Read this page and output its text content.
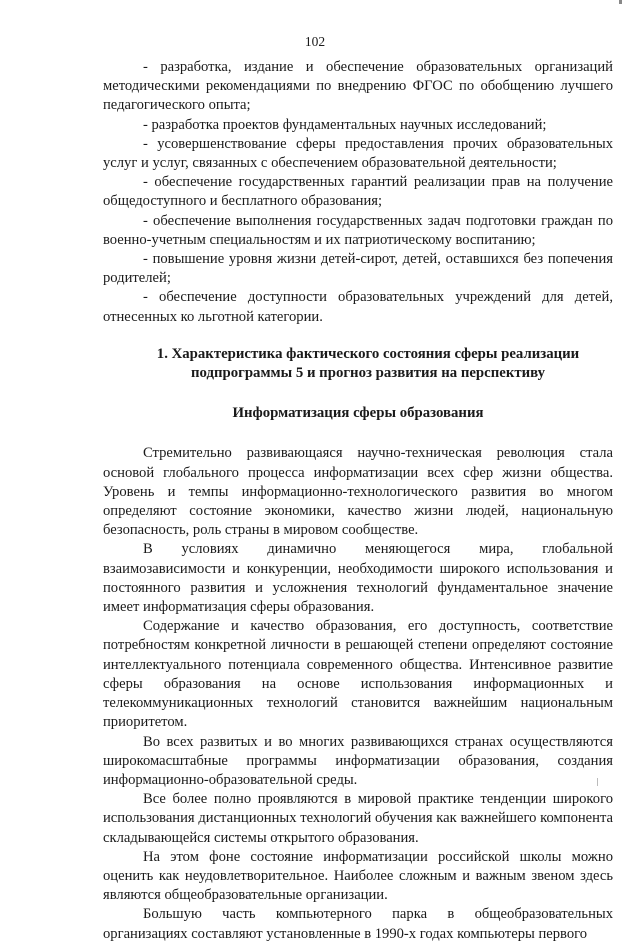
102

- разработка, издание и обеспечение образовательных организаций методическими рекомендациями по внедрению ФГОС по обобщению лучшего педагогического опыта;

- разработка проектов фундаментальных научных исследований;

- усовершенствование сферы предоставления прочих образовательных услуг и услуг, связанных с обеспечением образовательной деятельности;

- обеспечение государственных гарантий реализации прав на получение общедоступного и бесплатного образования;

- обеспечение выполнения государственных задач подготовки граждан по военно-учетным специальностям и их патриотическому воспитанию;

- повышение уровня жизни детей-сирот, детей, оставшихся без попечения родителей;

- обеспечение доступности образовательных учреждений для детей, отнесенных ко льготной категории.

1. Характеристика фактического состояния сферы реализации подпрограммы 5 и прогноз развития на перспективу
Информатизация сферы образования

Стремительно развивающаяся научно-техническая революция стала основой глобального процесса информатизации всех сфер жизни общества. Уровень и темпы информационно-технологического развития во многом определяют состояние экономики, качество жизни людей, национальную безопасность, роль страны в мировом сообществе.

В условиях динамично меняющегося мира, глобальной взаимозависимости и конкуренции, необходимости широкого использования и постоянного развития и усложнения технологий фундаментальное значение имеет информатизация сферы образования.

Содержание и качество образования, его доступность, соответствие потребностям конкретной личности в решающей степени определяют состояние интеллектуального потенциала современного общества. Интенсивное развитие сферы образования на основе использования информационных и телекоммуникационных технологий становится важнейшим национальным приоритетом.

Во всех развитых и во многих развивающихся странах осуществляются широкомасштабные программы информатизации образования, создания информационно-образовательной среды.

Все более полно проявляются в мировой практике тенденции широкого использования дистанционных технологий обучения как важнейшего компонента складывающейся системы открытого образования.

На этом фоне состояние информатизации российской школы можно оценить как неудовлетворительное. Наиболее сложным и важным звеном здесь являются общеобразовательные организации.

Большую часть компьютерного парка в общеобразовательных организациях составляют установленные в 1990-х годах компьютеры первого
